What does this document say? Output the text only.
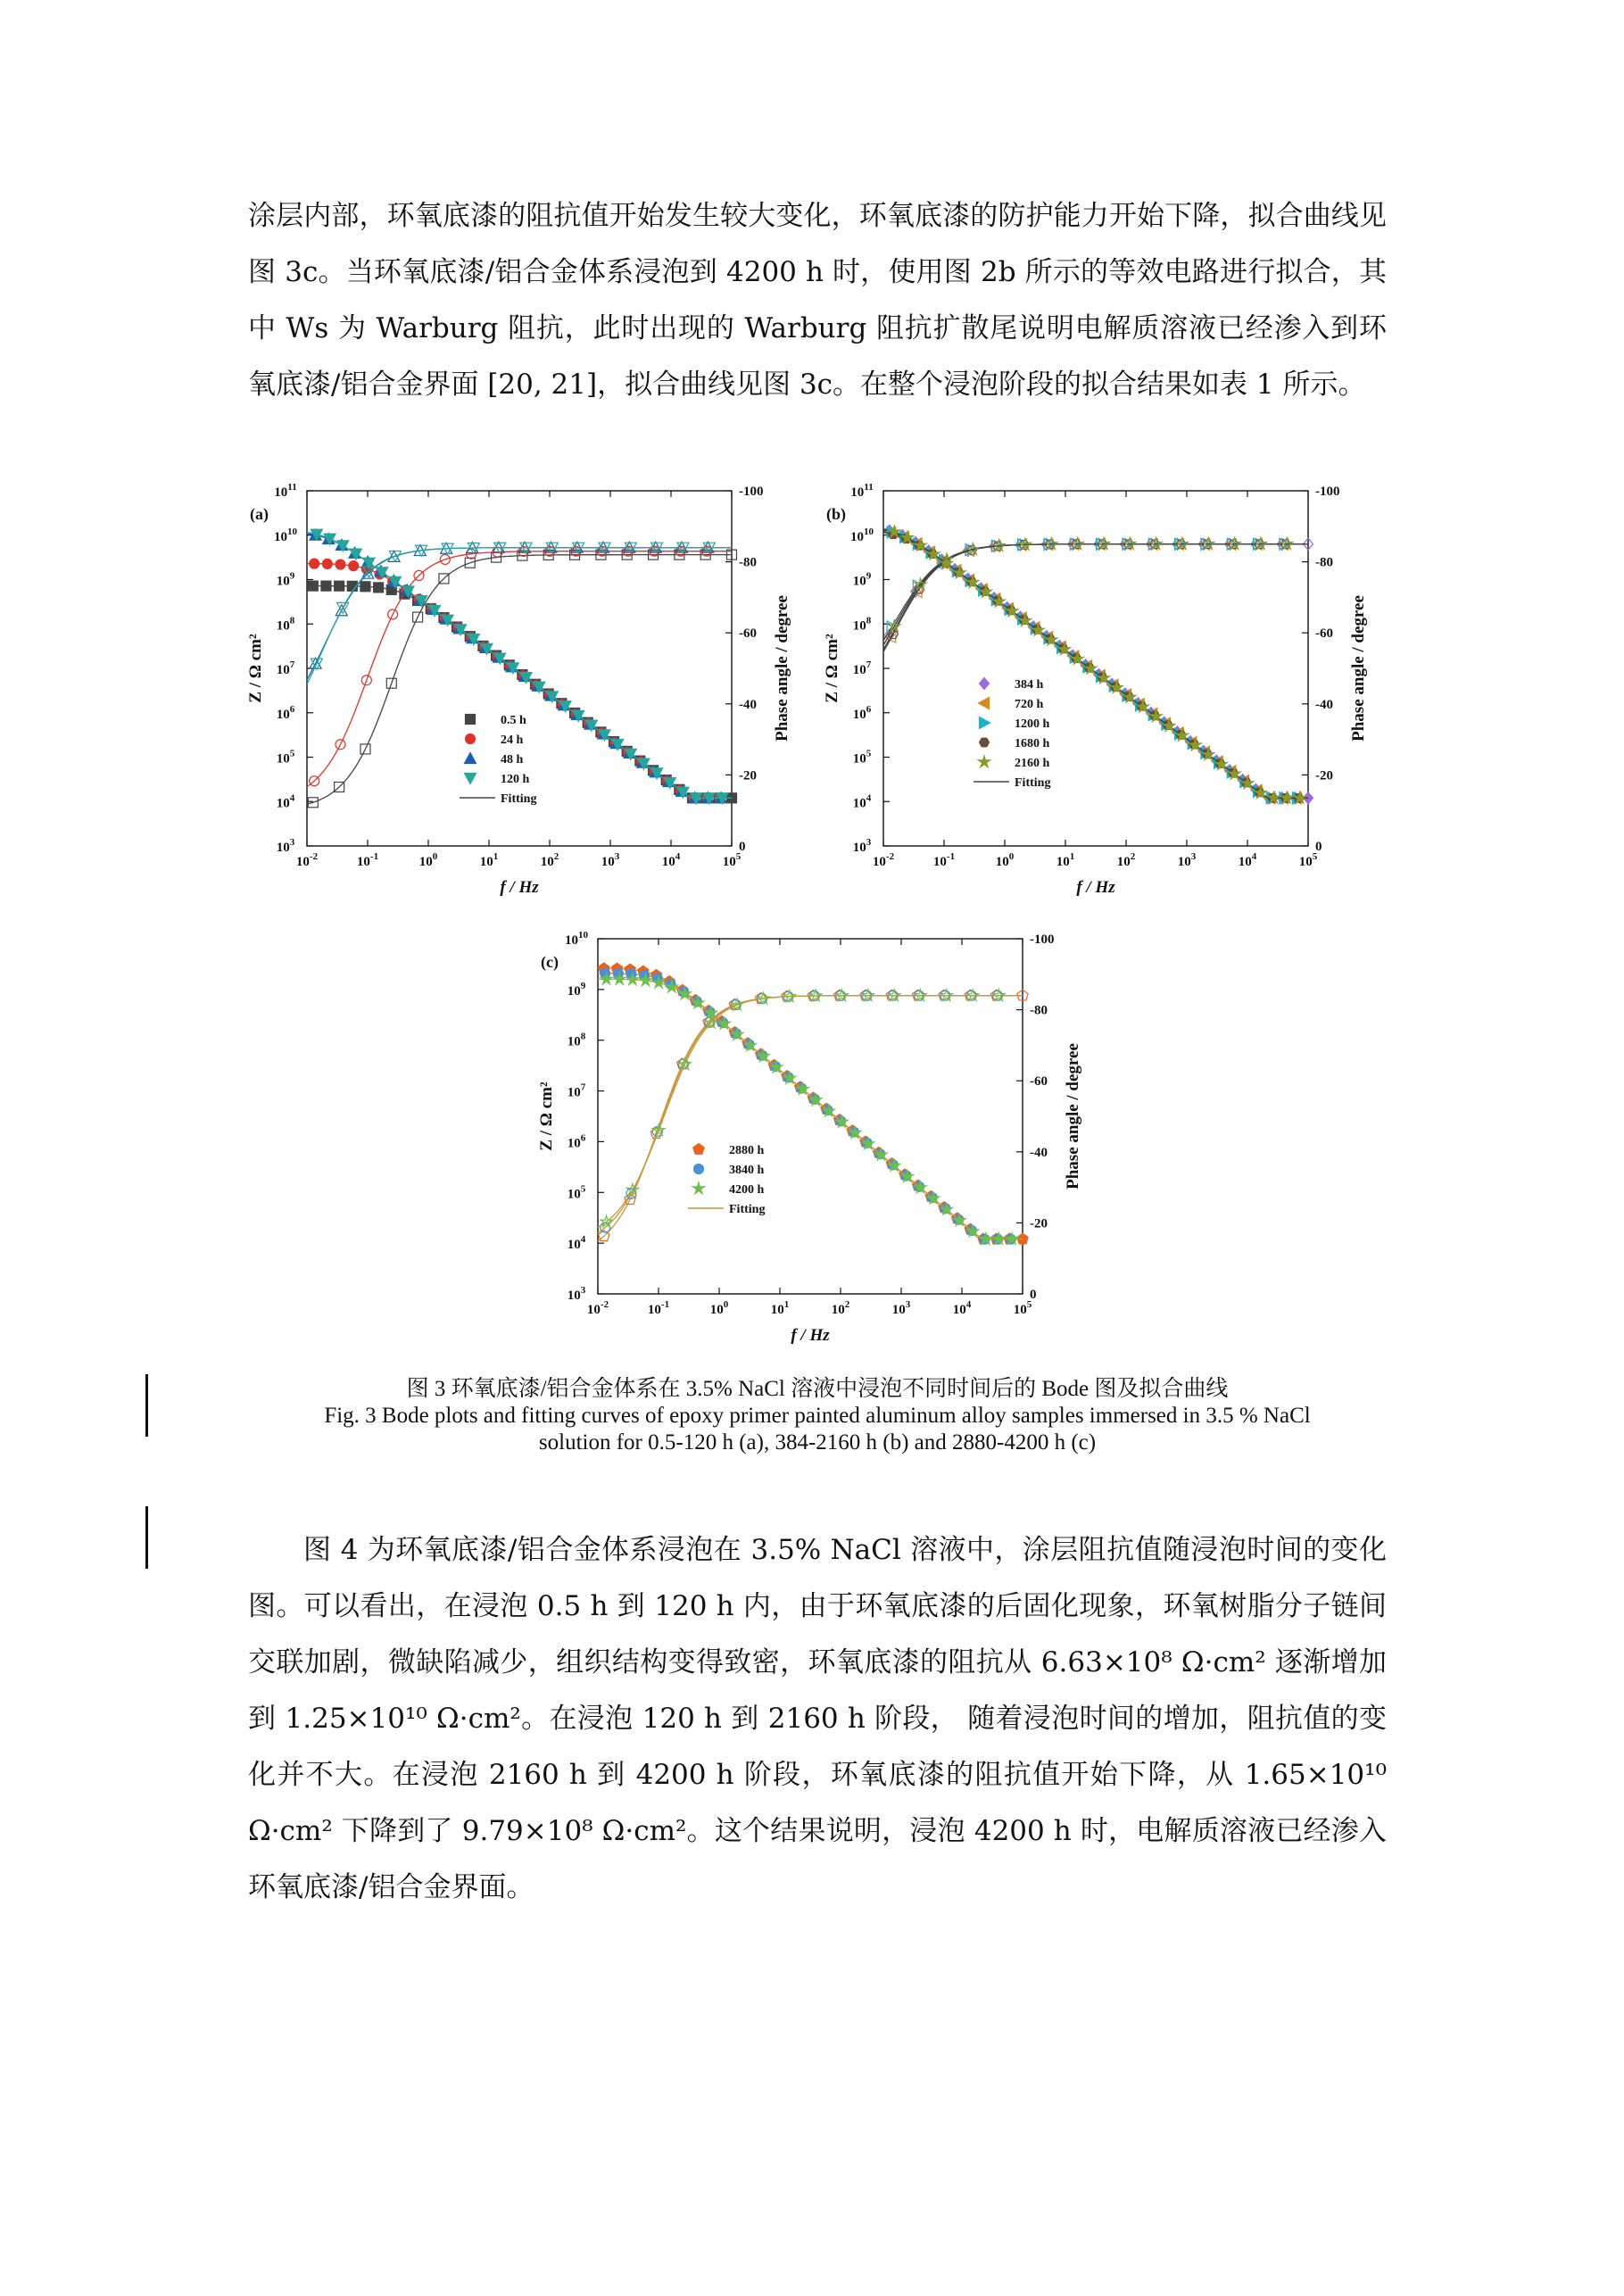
涂层内部，环氧底漆的阻抗值开始发生较大变化，环氧底漆的防护能力开始下降，拟合曲线见图 3c。当环氧底漆/铝合金体系浸泡到 4200 h 时，使用图 2b 所示的等效电路进行拟合，其中 Ws 为 Warburg 阻抗，此时出现的 Warburg 阻抗扩散尾说明电解质溶液已经渗入到环氧底漆/铝合金界面 [20, 21]，拟合曲线见图 3c。在整个浸泡阶段的拟合结果如表 1 所示。

(a)
$10^{-2}$	$10^{-1}$	$10^0$	$10^1$	$10^2$	$10^3$	$10^4$	$10^5$
$10^3$
$10^4$
$10^5$
$10^6$
$10^7$
$10^8$
$10^9$
$10^{10}$
$10^{11}$
0
-20
-40
-60
-80
-100
f / Hz
Z / Ω cm²	Phase angle / degree
0.5 h
24 h
48 h
120 h
Fitting
(b)
$10^{-2}$	$10^{-1}$	$10^0$	$10^1$	$10^2$	$10^3$	$10^4$	$10^5$
$10^3$
$10^4$
$10^5$
$10^6$
$10^7$
$10^8$
$10^9$
$10^{10}$
$10^{11}$
0
-20
-40
-60
-80
-100
f / Hz
Z / Ω cm²	Phase angle / degree
384 h
720 h
1200 h
1680 h
2160 h
Fitting
(c)
$10^{-2}$	$10^{-1}$	$10^0$	$10^1$	$10^2$	$10^3$	$10^4$	$10^5$
$10^3$
$10^4$
$10^5$
$10^6$
$10^7$
$10^8$
$10^9$
$10^{10}$
0
-20
-40
-60
-80
-100
f / Hz
Z / Ω cm²	Phase angle / degree
2880 h
3840 h
4200 h
Fitting
图 3 环氧底漆/铝合金体系在 3.5% NaCl 溶液中浸泡不同时间后的 Bode 图及拟合曲线
Fig. 3 Bode plots and fitting curves of epoxy primer painted aluminum alloy samples immersed in 3.5 % NaCl
solution for 0.5-120 h (a), 384-2160 h (b) and 2880-4200 h (c)

图 4 为环氧底漆/铝合金体系浸泡在 3.5% NaCl 溶液中，涂层阻抗值随浸泡时间的变化图。可以看出，在浸泡 0.5 h 到 120 h 内，由于环氧底漆的后固化现象，环氧树脂分子链间交联加剧，微缺陷减少，组织结构变得致密，环氧底漆的阻抗从 6.63×10⁸ Ω·cm² 逐渐增加到 1.25×10¹⁰ Ω·cm²。在浸泡 120 h 到 2160 h 阶段， 随着浸泡时间的增加，阻抗值的变化并不大。在浸泡 2160 h 到 4200 h 阶段，环氧底漆的阻抗值开始下降，从 1.65×10¹⁰ Ω·cm² 下降到了 9.79×10⁸ Ω·cm²。这个结果说明，浸泡 4200 h 时，电解质溶液已经渗入环氧底漆/铝合金界面。
